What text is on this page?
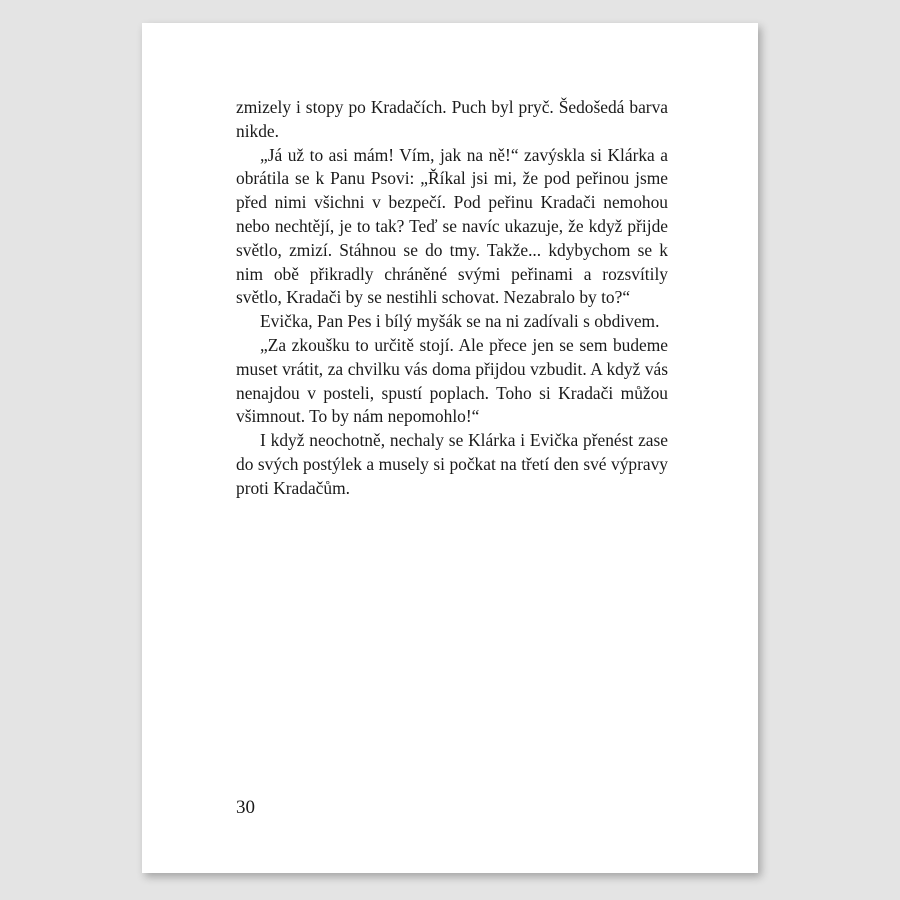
zmizely i stopy po Kradačích. Puch byl pryč. Šedošedá barva nikde.

„Já už to asi mám! Vím, jak na ně!“ zavýskla si Klárka a obrátila se k Panu Psovi: „Říkal jsi mi, že pod peřinou jsme před nimi všichni v bezpečí. Pod peřinu Kradači nemohou nebo nechtějí, je to tak? Teď se navíc ukazuje, že když přijde světlo, zmizí. Stáhnou se do tmy. Takže... kdybychom se k nim obě přikradly chráněné svými peřinami a rozsvítily světlo, Kradači by se nestihli schovat. Nezabralo by to?“

Evička, Pan Pes i bílý myšák se na ni zadívali s obdivem.

„Za zkoušku to určitě stojí. Ale přece jen se sem budeme muset vrátit, za chvilku vás doma přijdou vzbudit. A když vás nenajdou v posteli, spustí poplach. Toho si Kradači můžou všimnout. To by nám nepomohlo!“

I když neochotně, nechaly se Klárka i Evička přenést zase do svých postýlek a musely si počkat na třetí den své výpravy proti Kradačům.

30
